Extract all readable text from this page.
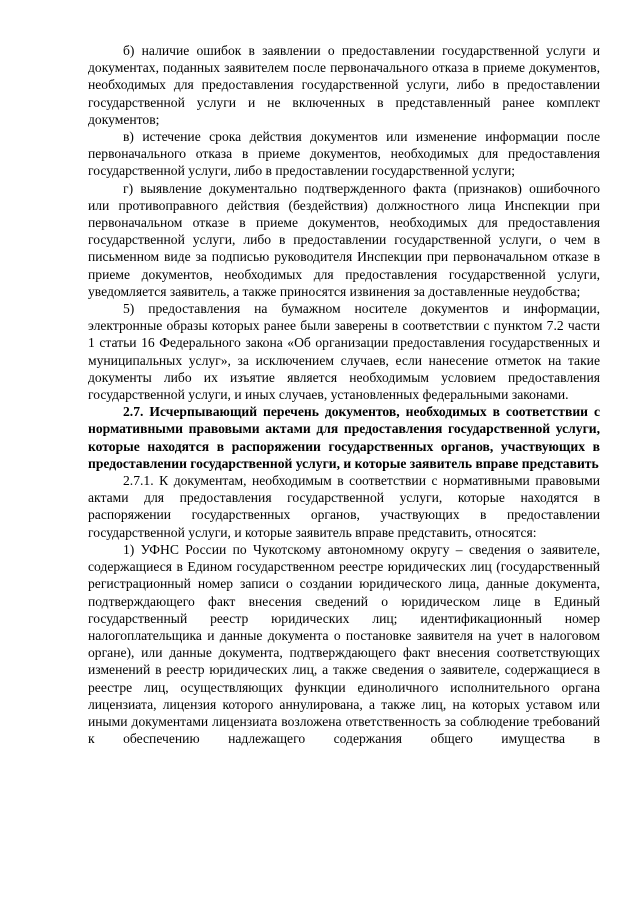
б) наличие ошибок в заявлении о предоставлении государственной услуги и документах, поданных заявителем после первоначального отказа в приеме документов, необходимых для предоставления государственной услуги, либо в предоставлении государственной услуги и не включенных в представленный ранее комплект документов;

в) истечение срока действия документов или изменение информации после первоначального отказа в приеме документов, необходимых для предоставления государственной услуги, либо в предоставлении государственной услуги;

г) выявление документально подтвержденного факта (признаков) ошибочного или противоправного действия (бездействия) должностного лица Инспекции при первоначальном отказе в приеме документов, необходимых для предоставления государственной услуги, либо в предоставлении государственной услуги, о чем в письменном виде за подписью руководителя Инспекции при первоначальном отказе в приеме документов, необходимых для предоставления государственной услуги, уведомляется заявитель, а также приносятся извинения за доставленные неудобства;

5) предоставления на бумажном носителе документов и информации, электронные образы которых ранее были заверены в соответствии с пунктом 7.2 части 1 статьи 16 Федерального закона «Об организации предоставления государственных и муниципальных услуг», за исключением случаев, если нанесение отметок на такие документы либо их изъятие является необходимым условием предоставления государственной услуги, и иных случаев, установленных федеральными законами.

2.7. Исчерпывающий перечень документов, необходимых в соответствии с нормативными правовыми актами для предоставления государственной услуги, которые находятся в распоряжении государственных органов, участвующих в предоставлении государственной услуги, и которые заявитель вправе представить

2.7.1. К документам, необходимым в соответствии с нормативными правовыми актами для предоставления государственной услуги, которые находятся в распоряжении государственных органов, участвующих в предоставлении государственной услуги, и которые заявитель вправе представить, относятся:

1) УФНС России по Чукотскому автономному округу – сведения о заявителе, содержащиеся в Едином государственном реестре юридических лиц (государственный регистрационный номер записи о создании юридического лица, данные документа, подтверждающего факт внесения сведений о юридическом лице в Единый государственный реестр юридических лиц; идентификационный номер налогоплательщика и данные документа о постановке заявителя на учет в налоговом органе), или данные документа, подтверждающего факт внесения соответствующих изменений в реестр юридических лиц, а также сведения о заявителе, содержащиеся в реестре лиц, осуществляющих функции единоличного исполнительного органа лицензиата, лицензия которого аннулирована, а также лиц, на которых уставом или иными документами лицензиата возложена ответственность за соблюдение требований к обеспечению надлежащего содержания общего имущества в
